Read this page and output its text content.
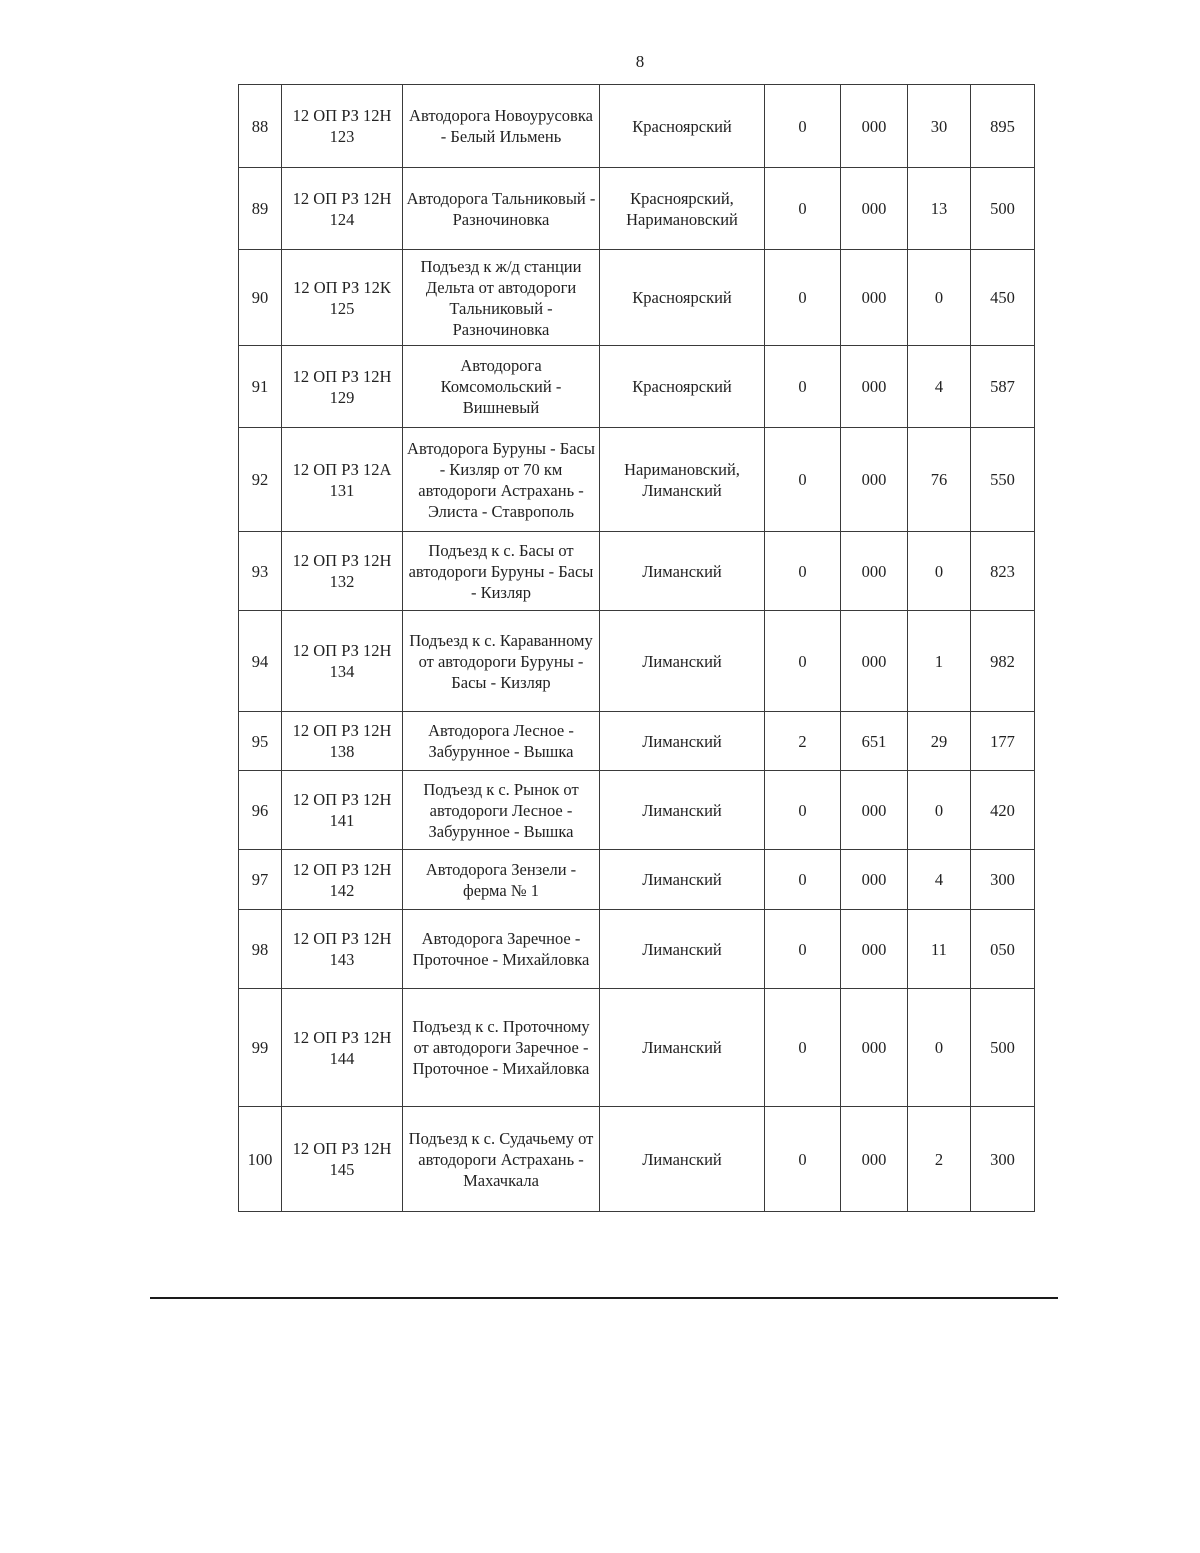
8
88	12 ОП РЗ 12Н 123	Автодорога Новоурусовка - Белый Ильмень	Красноярский	0	000	30	895
89	12 ОП РЗ 12Н 124	Автодорога Тальниковый - Разночиновка	Красноярский, Наримановский	0	000	13	500
90	12 ОП РЗ 12К 125	Подъезд к ж/д станции Дельта от автодороги Тальниковый - Разночиновка	Красноярский	0	000	0	450
91	12 ОП РЗ 12Н 129	Автодорога Комсомольский - Вишневый	Красноярский	0	000	4	587
92	12 ОП РЗ 12А 131	Автодорога Буруны - Басы - Кизляр от 70 км автодороги Астрахань - Элиста - Ставрополь	Наримановский, Лиманский	0	000	76	550
93	12 ОП РЗ 12Н 132	Подъезд к с. Басы от автодороги Буруны - Басы - Кизляр	Лиманский	0	000	0	823
94	12 ОП РЗ 12Н 134	Подъезд к с. Караванному от автодороги Буруны - Басы - Кизляр	Лиманский	0	000	1	982
95	12 ОП РЗ 12Н 138	Автодорога Лесное - Забурунное - Вышка	Лиманский	2	651	29	177
96	12 ОП РЗ 12Н 141	Подъезд к с. Рынок от автодороги Лесное - Забурунное - Вышка	Лиманский	0	000	0	420
97	12 ОП РЗ 12Н 142	Автодорога Зензели - ферма № 1	Лиманский	0	000	4	300
98	12 ОП РЗ 12Н 143	Автодорога Заречное - Проточное - Михайловка	Лиманский	0	000	11	050
99	12 ОП РЗ 12Н 144	Подъезд к с. Проточному от автодороги Заречное - Проточное - Михайловка	Лиманский	0	000	0	500
100	12 ОП РЗ 12Н 145	Подъезд к с. Судачьему от автодороги Астрахань - Махачкала	Лиманский	0	000	2	300
